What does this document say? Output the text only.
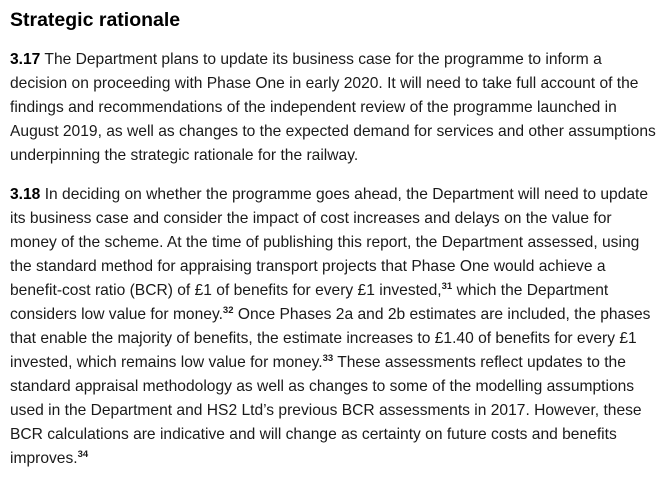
Strategic rationale

3.17 The Department plans to update its business case for the programme to inform a decision on proceeding with Phase One in early 2020. It will need to take full account of the findings and recommendations of the independent review of the programme launched in August 2019, as well as changes to the expected demand for services and other assumptions underpinning the strategic rationale for the railway.

3.18 In deciding on whether the programme goes ahead, the Department will need to update its business case and consider the impact of cost increases and delays on the value for money of the scheme. At the time of publishing this report, the Department assessed, using the standard method for appraising transport projects that Phase One would achieve a benefit-cost ratio (BCR) of £1 of benefits for every £1 invested,$^{31}$ which the Department considers low value for money.$^{32}$ Once Phases 2a and 2b estimates are included, the phases that enable the majority of benefits, the estimate increases to £1.40 of benefits for every £1 invested, which remains low value for money.$^{33}$ These assessments reflect updates to the standard appraisal methodology as well as changes to some of the modelling assumptions used in the Department and HS2 Ltd’s previous BCR assessments in 2017. However, these BCR calculations are indicative and will change as certainty on future costs and benefits improves.$^{34}$
